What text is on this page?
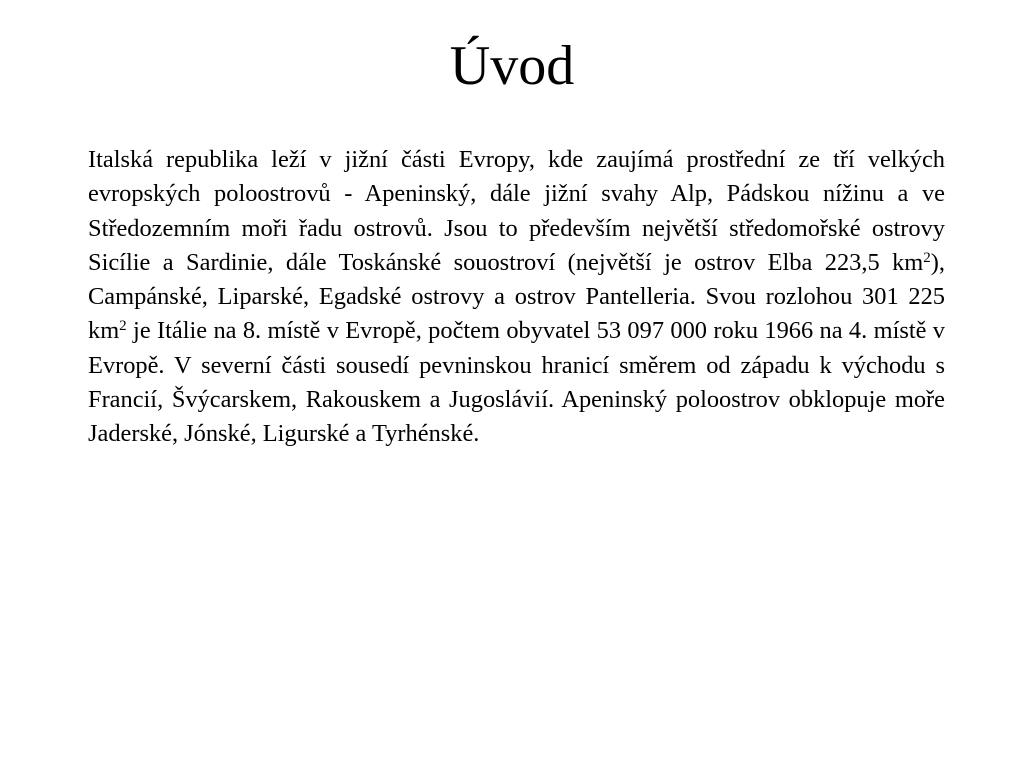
Úvod

Italská republika leží v jižní části Evropy, kde zaujímá prostřední ze tří velkých evropských poloostrovů - Apeninský, dále jižní svahy Alp, Pádskou nížinu a ve Středozemním moři řadu ostrovů. Jsou to především největší středomořské ostrovy Sicílie a Sardinie, dále Toskánské souostroví (největší je ostrov Elba 223,5 $km^2$), Campánské, Liparské, Egadské ostrovy a ostrov Pantelleria. Svou rozlohou 301 225 $km^2$ je Itálie na 8. místě v Evropě, počtem obyvatel 53 097 000 roku 1966 na 4. místě v Evropě. V severní části sousedí pevninskou hranicí směrem od západu k východu s Francií, Švýcarskem, Rakouskem a Jugoslávií. Apeninský poloostrov obklopuje moře Jaderské, Jónské, Ligurské a Tyrhénské.
